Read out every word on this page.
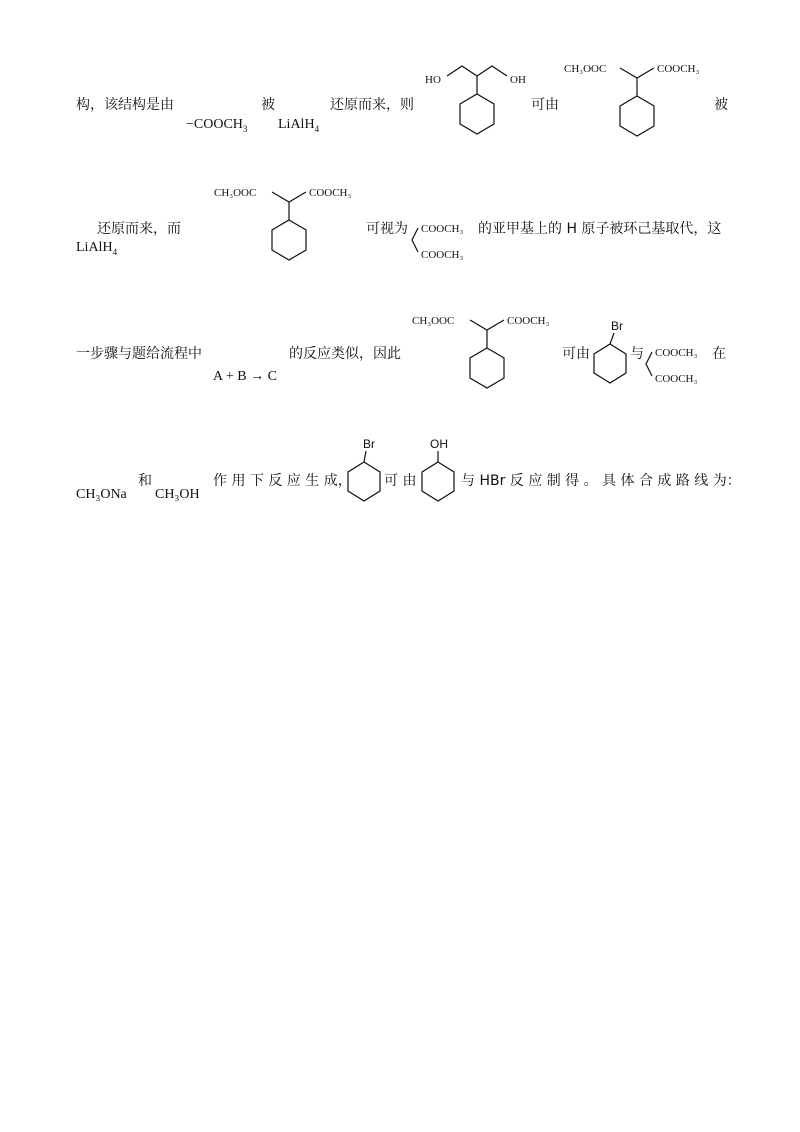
构，该结构是由
$-COOCH_3$
被
LiAlH$_4$
还原而来，则
HO	OH
可由
CH₃OOC	COOCH₃
被
还原而来，而
LiAlH$_4$
CH₃OOC	COOCH₃
可视为 COOCH₃
COOCH₃
的亚甲基上的 H 原子被环己基取代，这
一步骤与题给流程中
A + B → C
的反应类似，因此
CH₃OOC	COOCH₃
可由
Br
与 COOCH₃
COOCH₃
在
CH₃ONa
和
CH₃OH
作 用 下 反 应 生 成，
Br
可 由
OH
与 HBr 反 应 制 得 。 具 体 合 成 路 线 为：
